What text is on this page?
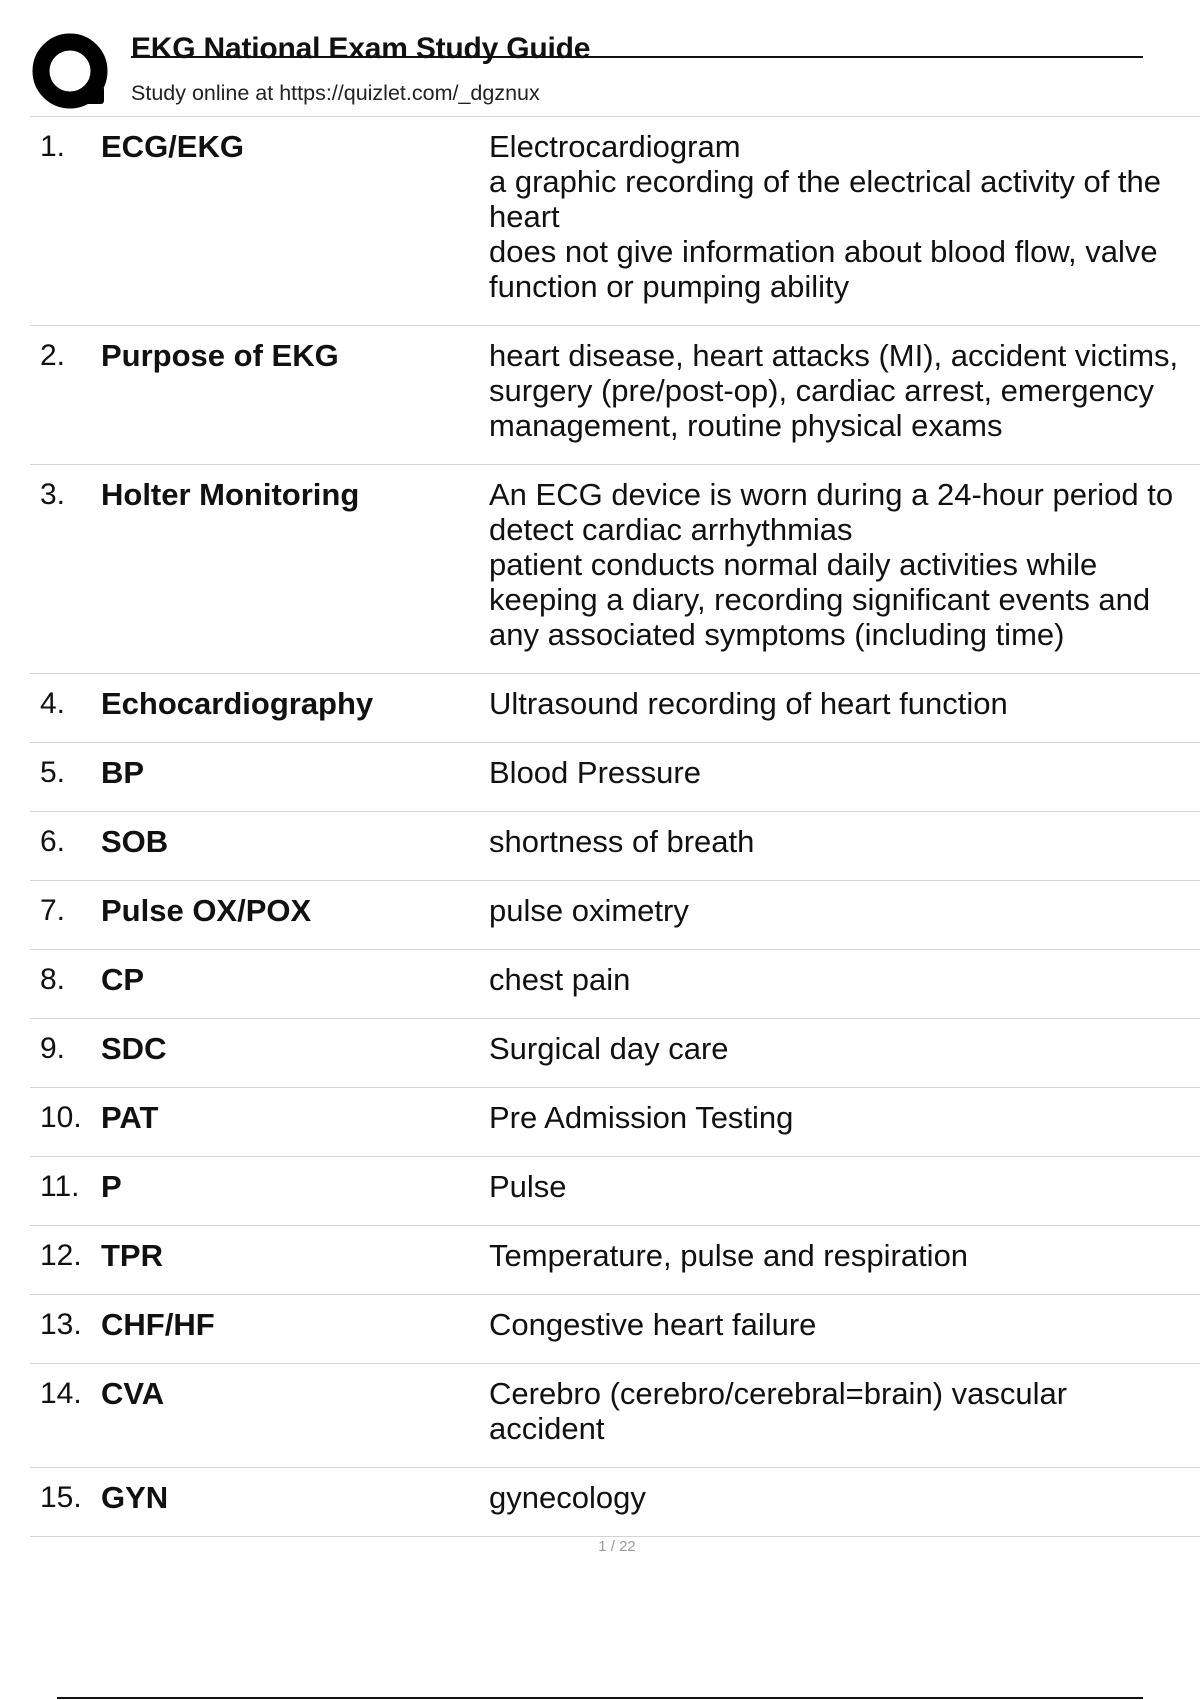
EKG National Exam Study Guide
Study online at https://quizlet.com/_dgznux
1.	ECG/EKG	Electrocardiogram
a graphic recording of the electrical activity of the heart
does not give information about blood flow, valve function or pumping ability
2.	Purpose of EKG	heart disease, heart attacks (MI), accident victims, surgery (pre/post-op), cardiac arrest, emergency management, routine physical exams
3.	Holter Monitoring	An ECG device is worn during a 24-hour period to detect cardiac arrhythmias
patient conducts normal daily activities while keeping a diary, recording significant events and any associated symptoms (including time)
4.	Echocardiography	Ultrasound recording of heart function
5.	BP	Blood Pressure
6.	SOB	shortness of breath
7.	Pulse OX/POX	pulse oximetry
8.	CP	chest pain
9.	SDC	Surgical day care
10. PAT	Pre Admission Testing
11. P	Pulse
12. TPR	Temperature, pulse and respiration
13. CHF/HF	Congestive heart failure
14. CVA	Cerebro (cerebro/cerebral=brain) vascular accident
15. GYN	gynecology
1 / 22
